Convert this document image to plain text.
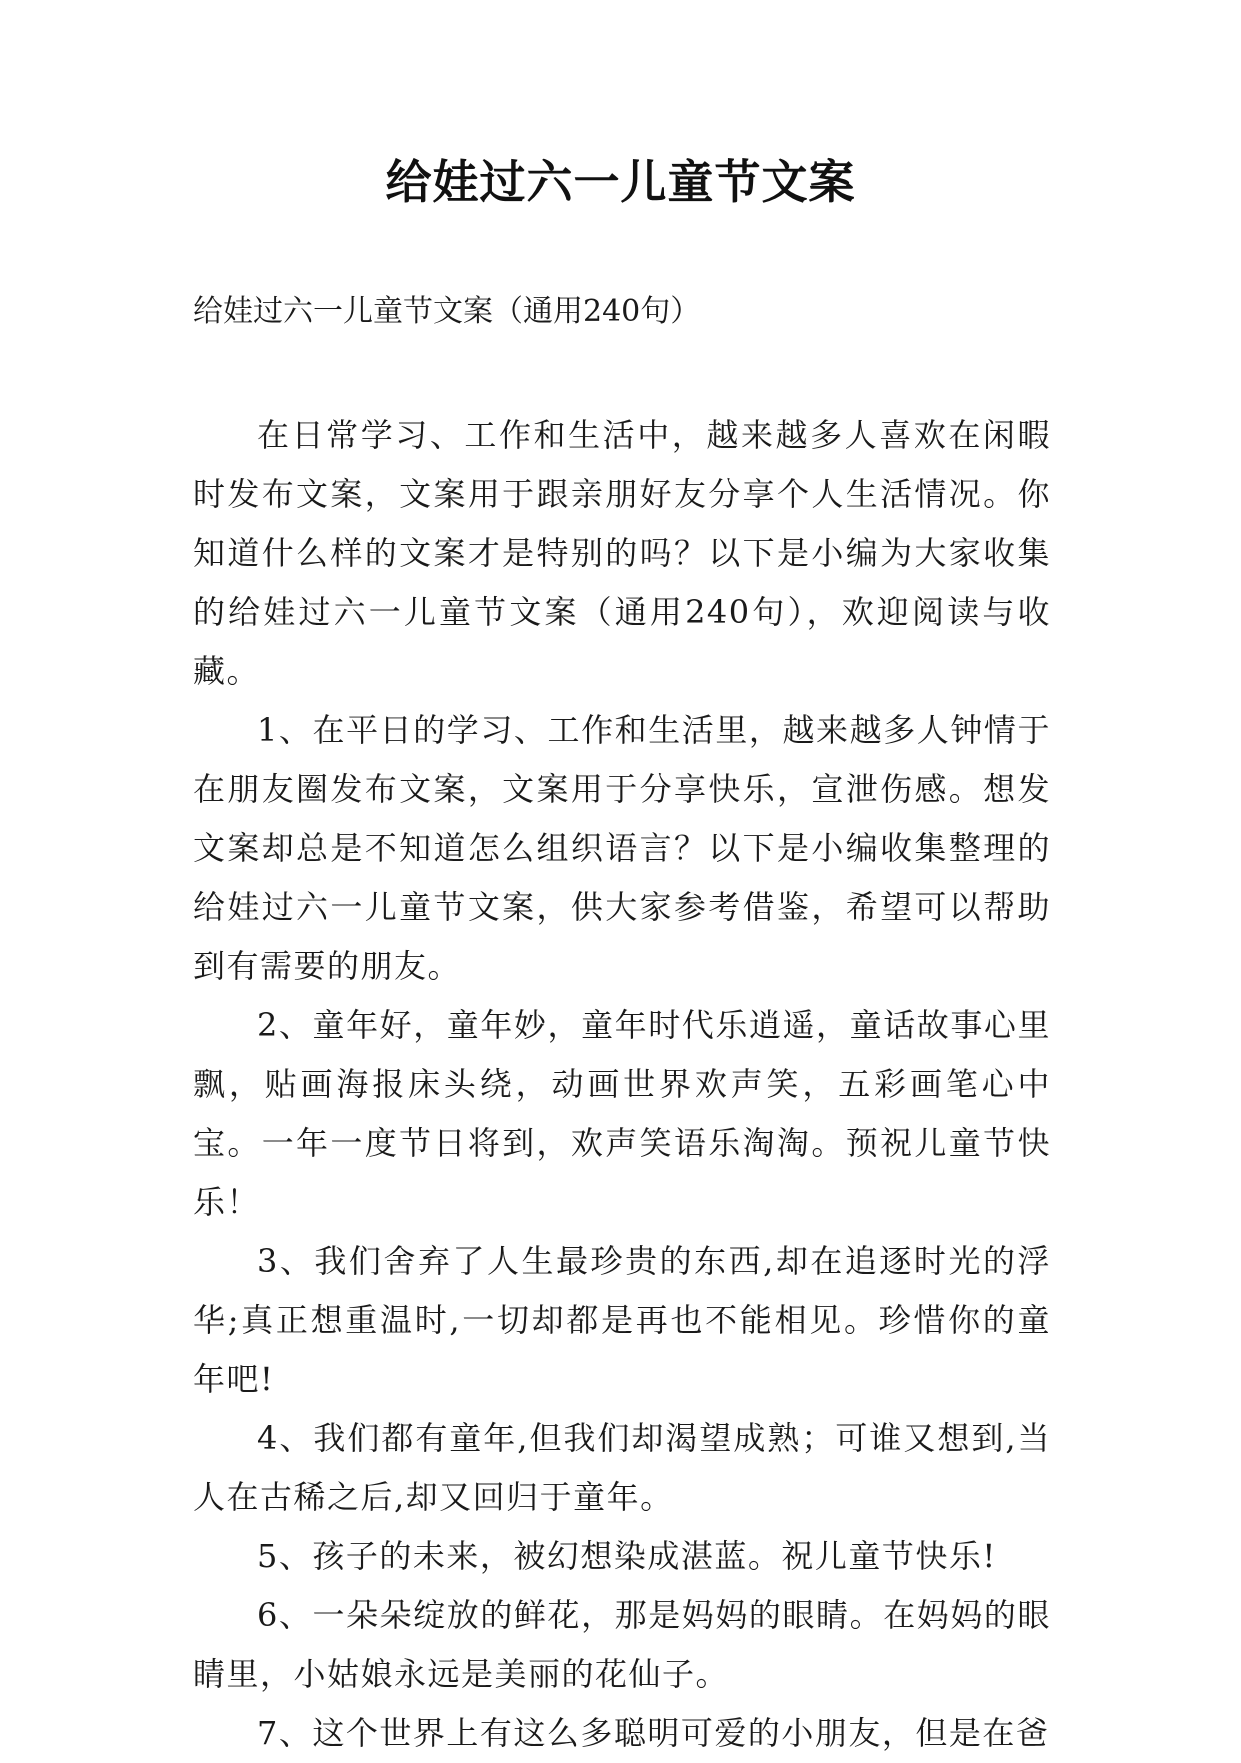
给娃过六一儿童节文案
给娃过六一儿童节文案（通用240句）

在日常学习、工作和生活中，越来越多人喜欢在闲暇时发布文案，文案用于跟亲朋好友分享个人生活情况。你知道什么样的文案才是特别的吗？以下是小编为大家收集的给娃过六一儿童节文案（通用240句），欢迎阅读与收藏。

1、在平日的学习、工作和生活里，越来越多人钟情于在朋友圈发布文案，文案用于分享快乐，宣泄伤感。想发文案却总是不知道怎么组织语言？以下是小编收集整理的给娃过六一儿童节文案，供大家参考借鉴，希望可以帮助到有需要的朋友。

2、童年好，童年妙，童年时代乐逍遥，童话故事心里飘，贴画海报床头绕，动画世界欢声笑，五彩画笔心中宝。一年一度节日将到，欢声笑语乐淘淘。预祝儿童节快乐！

3、我们舍弃了人生最珍贵的东西,却在追逐时光的浮华;真正想重温时,一切却都是再也不能相见。珍惜你的童年吧!

4、我们都有童年,但我们却渴望成熟；可谁又想到,当人在古稀之后,却又回归于童年。

5、孩子的未来，被幻想染成湛蓝。祝儿童节快乐!

6、一朵朵绽放的鲜花，那是妈妈的眼睛。在妈妈的眼睛里，小姑娘永远是美丽的花仙子。

7、这个世界上有这么多聪明可爱的小朋友，但是在爸
